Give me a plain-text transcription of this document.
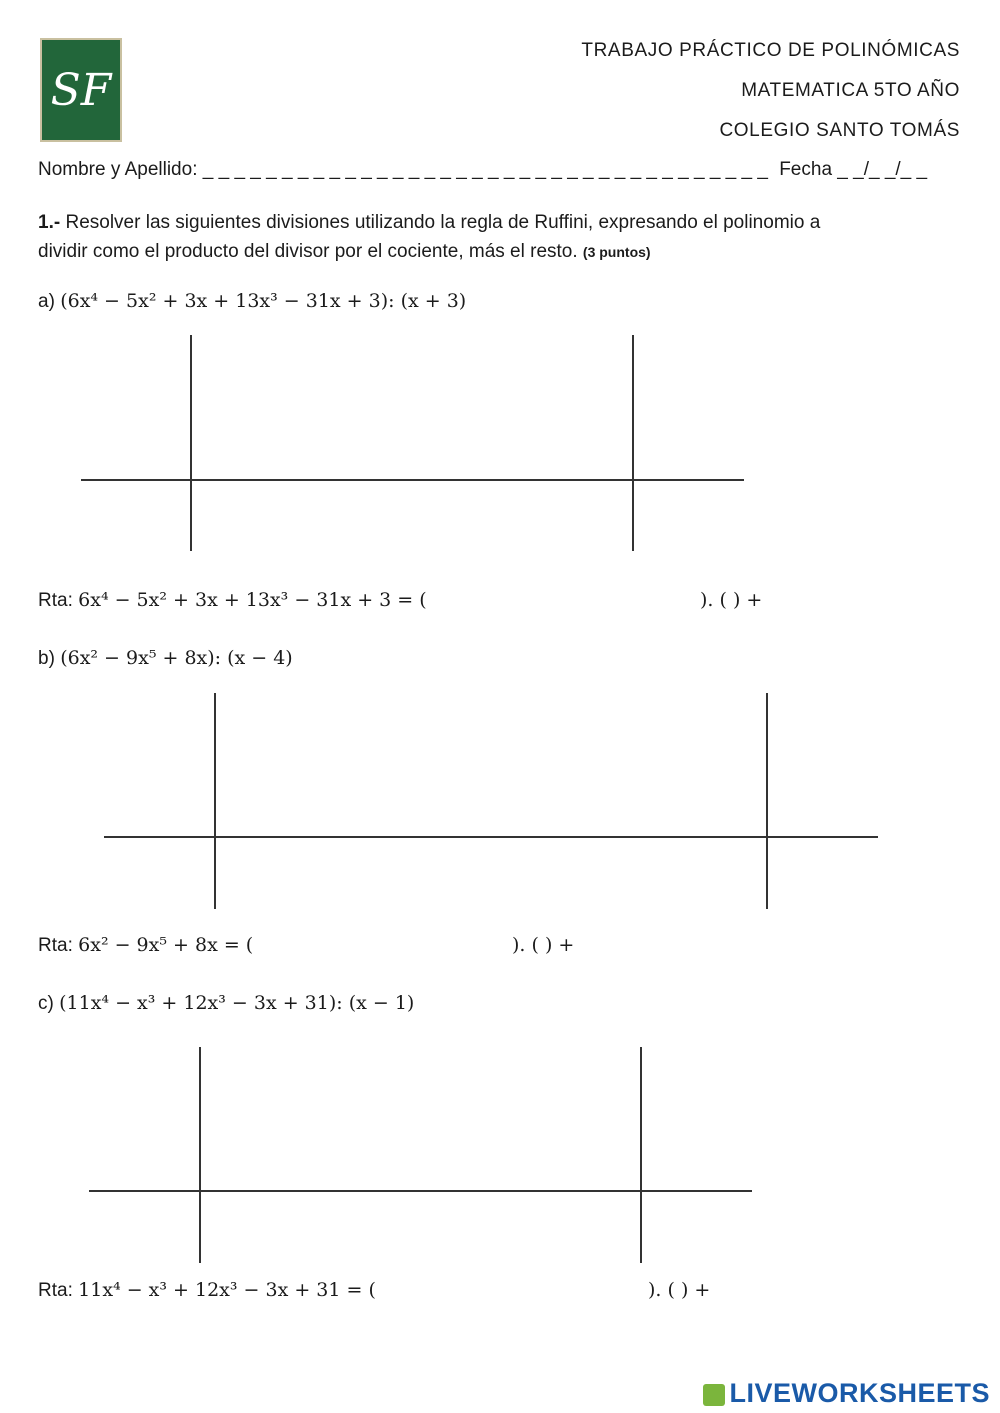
TRABAJO PRÁCTICO DE POLINÓMICAS
MATEMATICA 5TO AÑO
COLEGIO SANTO TOMÁS
SF
Nombre y Apellido: _ _ _ _ _ _ _ _ _ _ _ _ _ _ _ _ _ _ _ _ _ _ _ _ _ _ _ _ _ _ _ _ _ _ _ _ Fecha _ _/_ _/_ _
1.- Resolver las siguientes divisiones utilizando la regla de Ruffini, expresando el polinomio a
dividir como el producto del divisor por el cociente, más el resto. (3 puntos)
a) (6x⁴ − 5x² + 3x + 13x³ − 31x + 3): (x + 3)
Rta: 6x⁴ − 5x² + 3x + 13x³ − 31x + 3 = (	). ( ) +
b) (6x² − 9x⁵ + 8x): (x − 4)
Rta: 6x² − 9x⁵ + 8x = (	). ( ) +
c) (11x⁴ − x³ + 12x³ − 3x + 31): (x − 1)
Rta: 11x⁴ − x³ + 12x³ − 3x + 31 = (	). ( ) +
LIVEWORKSHEETS
